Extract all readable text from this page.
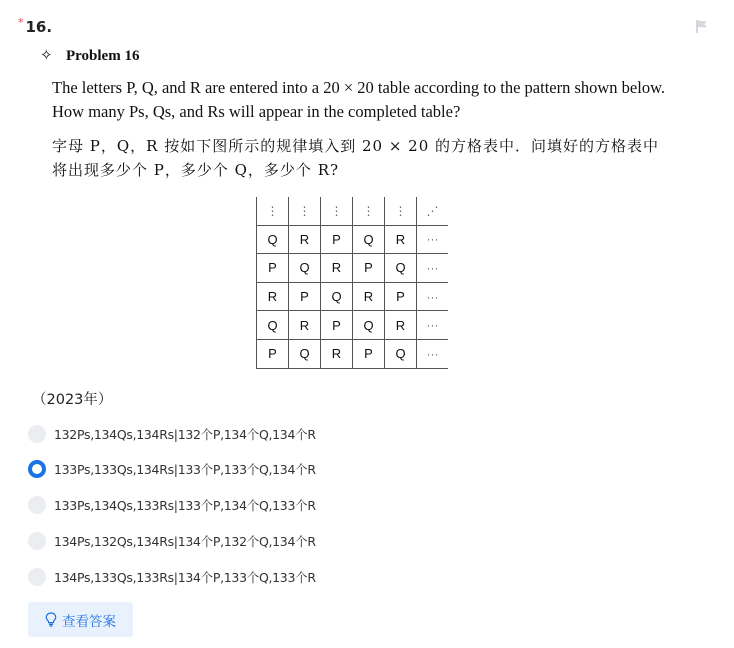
* 16.
✧ Problem 16
The letters P, Q, and R are entered into a 20 × 20 table according to the pattern shown below. How many Ps, Qs, and Rs will appear in the completed table?
字母 P，Q，R 按如下图所示的规律填入到 20 × 20 的方格表中．问填好的方格表中将出现多少个 P，多少个 Q，多少个 R?
⋮	⋮	⋮	⋮	⋮	⋰
Q	R	P	Q	R	···
P	Q	R	P	Q	···
R	P	Q	R	P	···
Q	R	P	Q	R	···
P	Q	R	P	Q	···
（2023年）
132Ps,134Qs,134Rs|132个P,134个Q,134个R
133Ps,133Qs,134Rs|133个P,133个Q,134个R
133Ps,134Qs,133Rs|133个P,134个Q,133个R
134Ps,132Qs,134Rs|134个P,132个Q,134个R
134Ps,133Qs,133Rs|134个P,133个Q,133个R
查看答案
